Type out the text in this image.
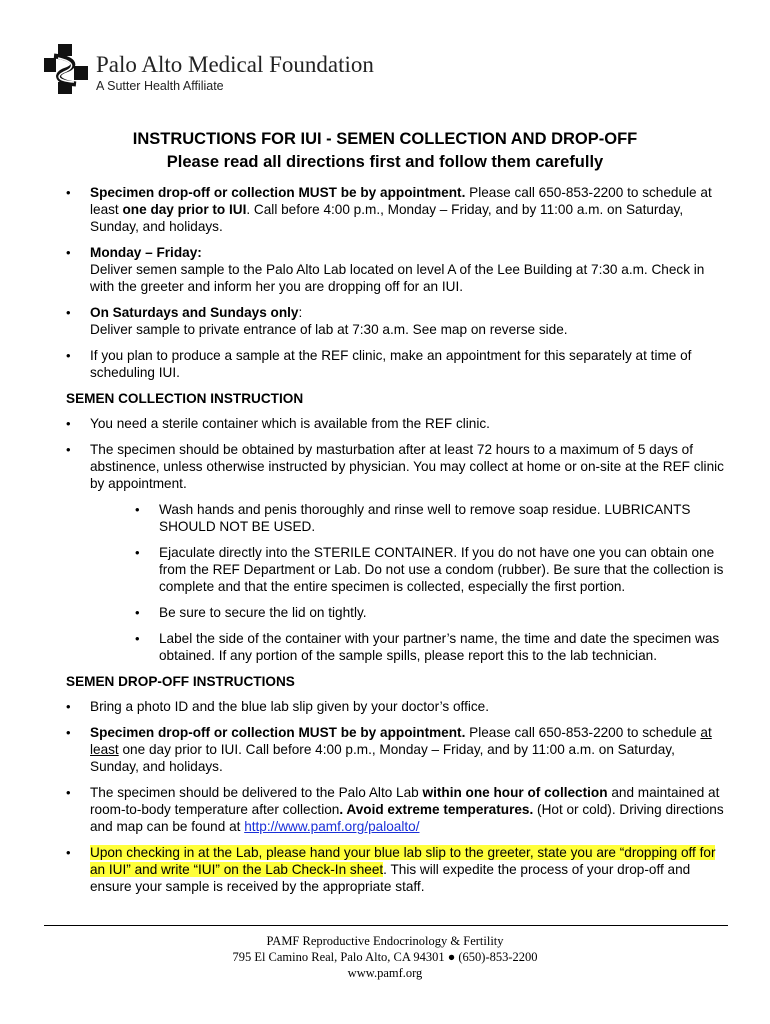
Palo Alto Medical Foundation
A Sutter Health Affiliate
INSTRUCTIONS FOR IUI - SEMEN COLLECTION AND DROP-OFF
Please read all directions first and follow them carefully
• Specimen drop-off or collection MUST be by appointment. Please call 650-853-2200 to schedule at least one day prior to IUI. Call before 4:00 p.m., Monday – Friday, and by 11:00 a.m. on Saturday, Sunday, and holidays.
• Monday – Friday:
Deliver semen sample to the Palo Alto Lab located on level A of the Lee Building at 7:30 a.m. Check in with the greeter and inform her you are dropping off for an IUI.
• On Saturdays and Sundays only:
Deliver sample to private entrance of lab at 7:30 a.m. See map on reverse side.
• If you plan to produce a sample at the REF clinic, make an appointment for this separately at time of scheduling IUI.
SEMEN COLLECTION INSTRUCTION
• You need a sterile container which is available from the REF clinic.
• The specimen should be obtained by masturbation after at least 72 hours to a maximum of 5 days of abstinence, unless otherwise instructed by physician. You may collect at home or on-site at the REF clinic by appointment.
• Wash hands and penis thoroughly and rinse well to remove soap residue. LUBRICANTS SHOULD NOT BE USED.
• Ejaculate directly into the STERILE CONTAINER. If you do not have one you can obtain one from the REF Department or Lab. Do not use a condom (rubber). Be sure that the collection is complete and that the entire specimen is collected, especially the first portion.
• Be sure to secure the lid on tightly.
• Label the side of the container with your partner’s name, the time and date the specimen was obtained. If any portion of the sample spills, please report this to the lab technician.
SEMEN DROP-OFF INSTRUCTIONS
• Bring a photo ID and the blue lab slip given by your doctor’s office.
• Specimen drop-off or collection MUST be by appointment. Please call 650-853-2200 to schedule at least one day prior to IUI. Call before 4:00 p.m., Monday – Friday, and by 11:00 a.m. on Saturday, Sunday, and holidays.
• The specimen should be delivered to the Palo Alto Lab within one hour of collection and maintained at room-to-body temperature after collection. Avoid extreme temperatures. (Hot or cold). Driving directions and map can be found at http://www.pamf.org/paloalto/
• Upon checking in at the Lab, please hand your blue lab slip to the greeter, state you are “dropping off for an IUI” and write “IUI” on the Lab Check-In sheet. This will expedite the process of your drop-off and ensure your sample is received by the appropriate staff.
PAMF Reproductive Endocrinology & Fertility
795 El Camino Real, Palo Alto, CA 94301 ● (650)-853-2200
www.pamf.org
